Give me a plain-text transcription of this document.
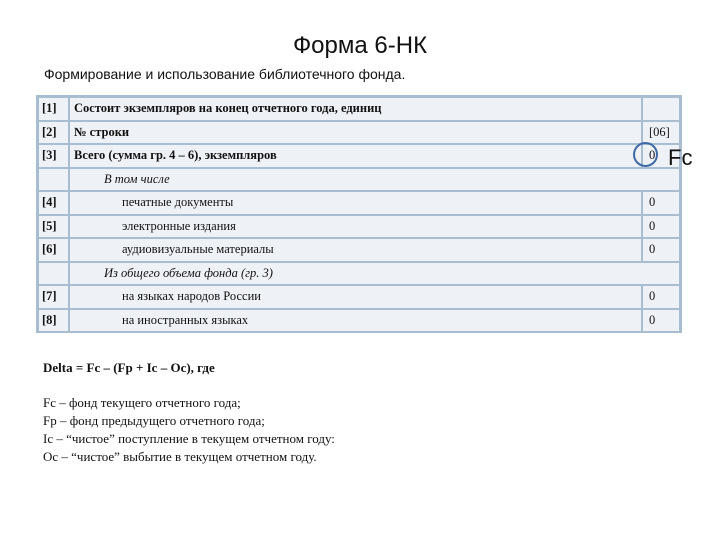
Форма 6-НК
Формирование и использование библиотечного фонда.
[1]	Состоит экземпляров на конец отчетного года, единиц
[2]	№ строки	[06]
[3]	Всего (сумма гр. 4 – 6), экземпляров	0
В том числе
[4]	печатные документы	0
[5]	электронные издания	0
[6]	аудиовизуальные материалы	0
Из общего объема фонда (гр. 3)
[7]	на языках народов России	0
[8]	на иностранных языках	0
Fc
Delta = Fc – (Fp + Ic – Oc), где
Fc – фонд текущего отчетного года;
Fp – фонд предыдущего отчетного года;
Ic – “чистое” поступление в текущем отчетном году:
Oc – “чистое” выбытие в текущем отчетном году.
